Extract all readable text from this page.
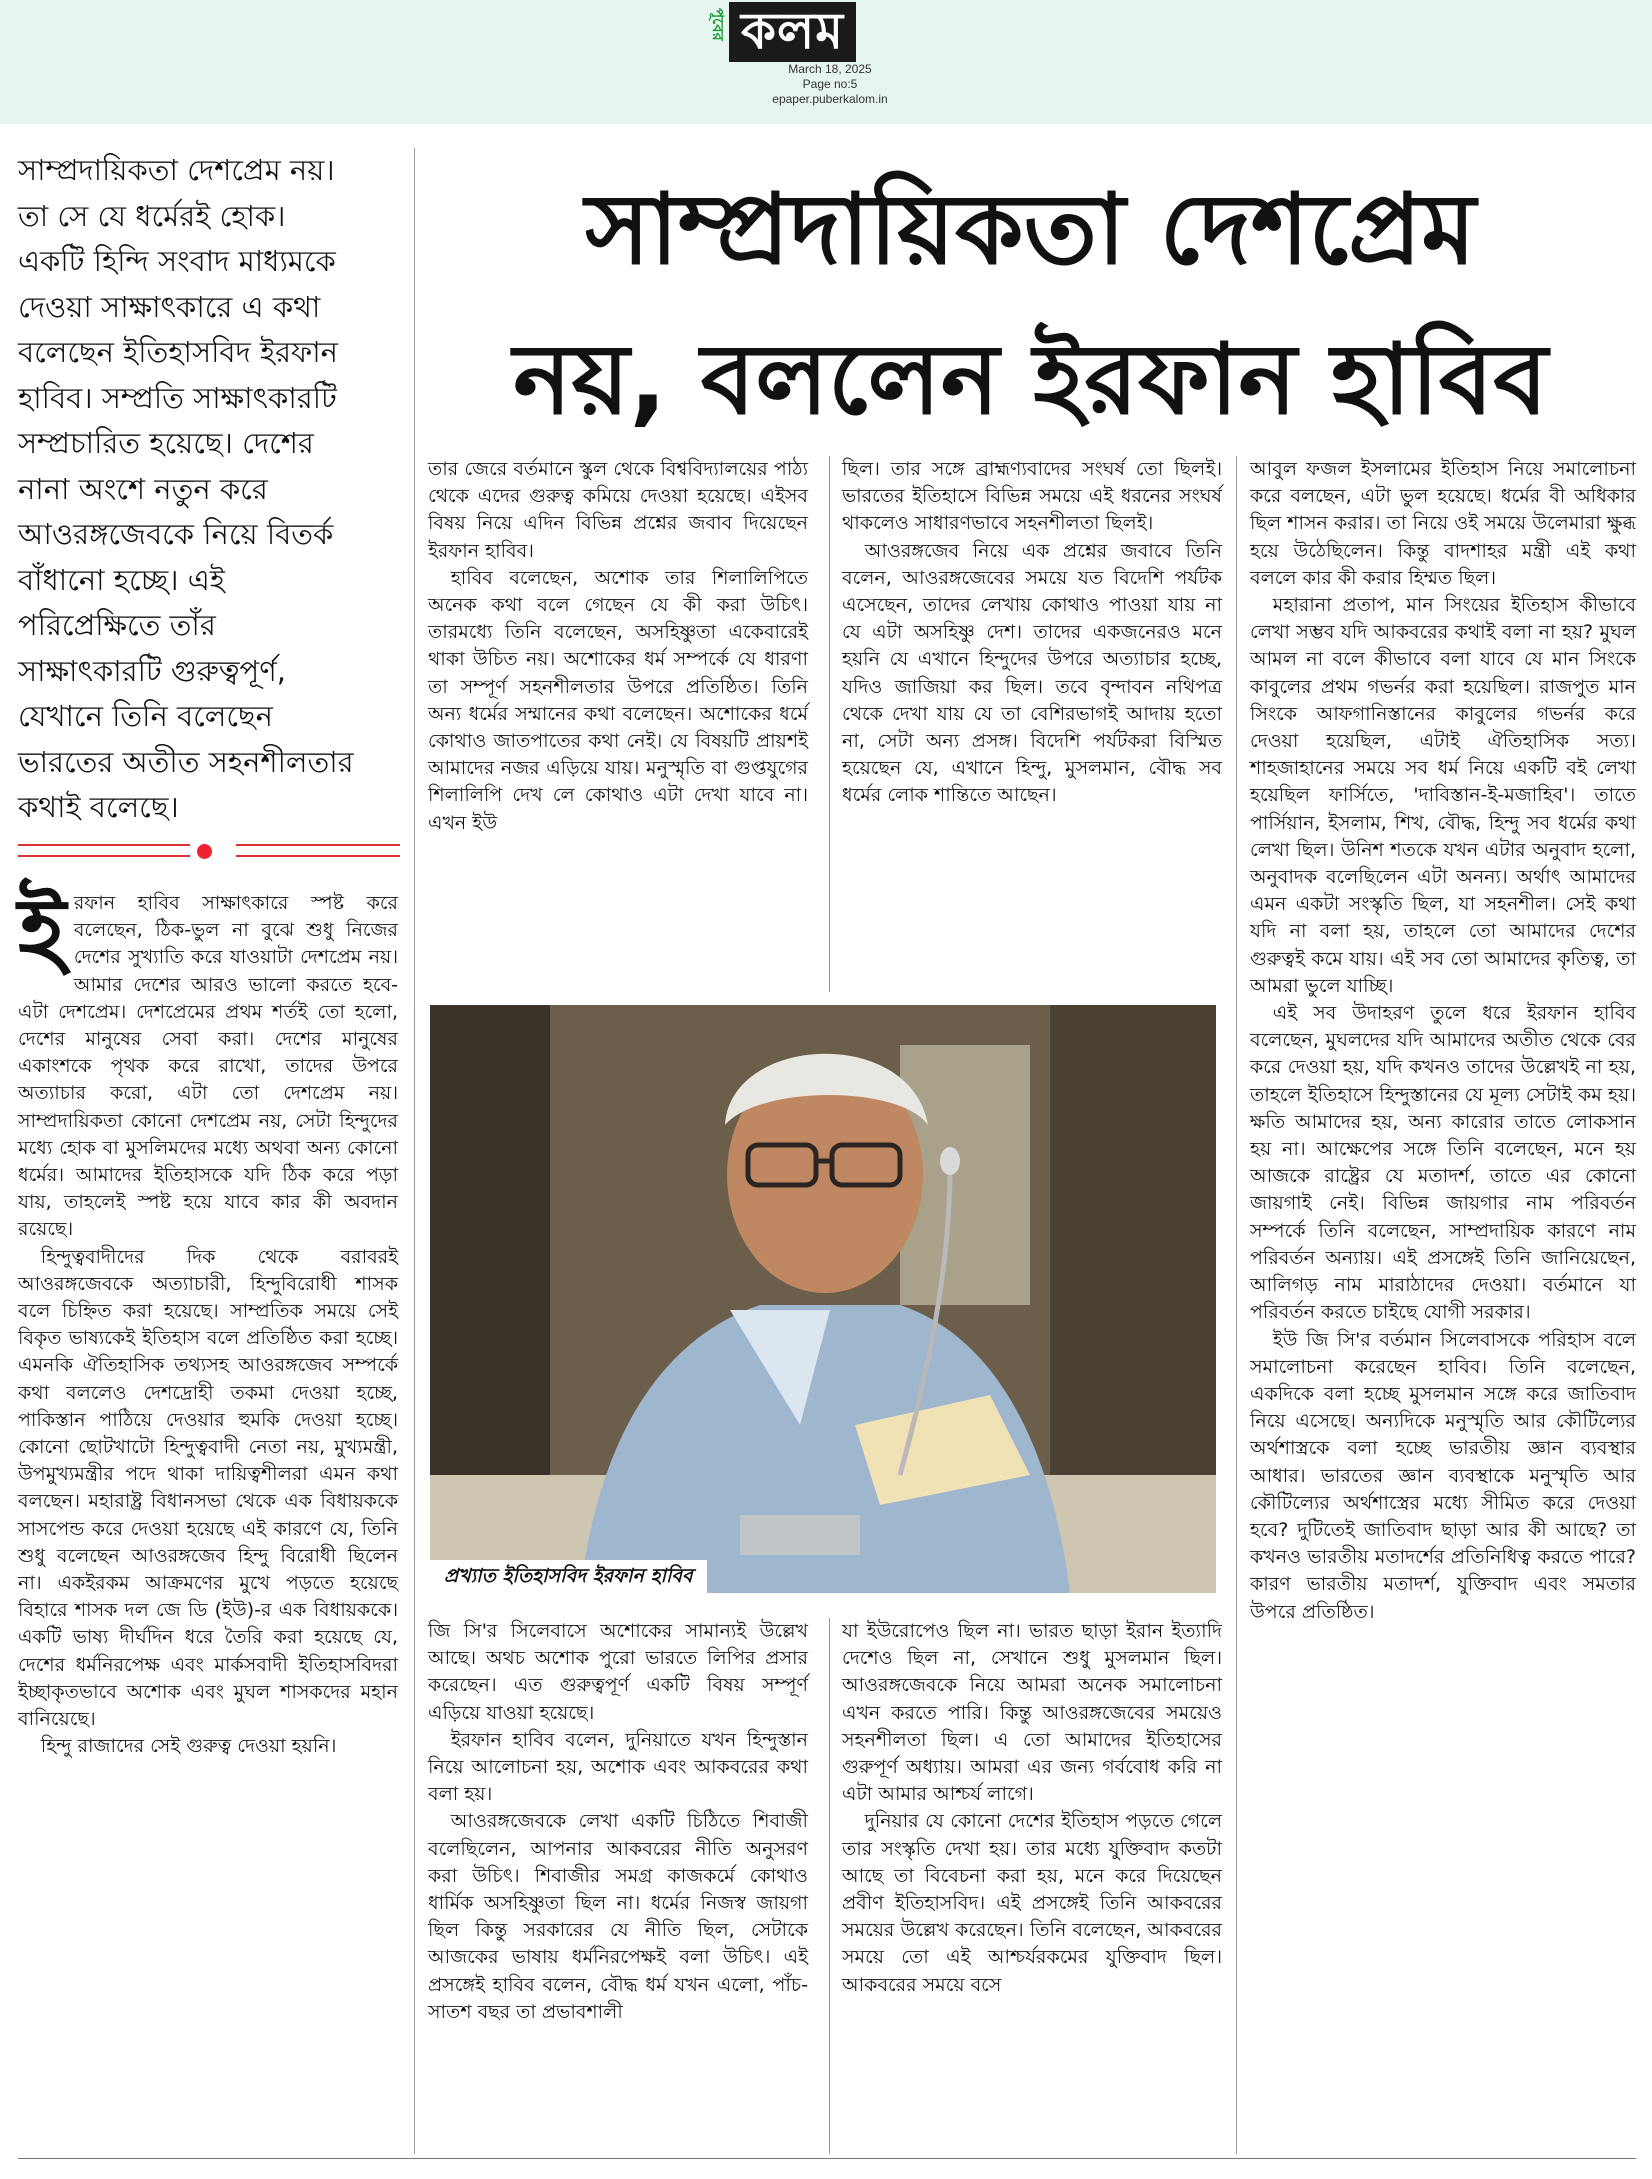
পূবের কলম
March 18, 2025
Page no:5
epaper.puberkalom.in
সাম্প্রদায়িকতা দেশপ্রেম নয়।
তা সে যে ধর্মেরই হোক।
একটি হিন্দি সংবাদ মাধ্যমকে
দেওয়া সাক্ষাৎকারে এ কথা
বলেছেন ইতিহাসবিদ ইরফান
হাবিব। সম্প্রতি সাক্ষাৎকারটি
সম্প্রচারিত হয়েছে। দেশের
নানা অংশে নতুন করে
আওরঙ্গজেবকে নিয়ে বিতর্ক
বাঁধানো হচ্ছে। এই
পরিপ্রেক্ষিতে তাঁর
সাক্ষাৎকারটি গুরুত্বপূর্ণ,
যেখানে তিনি বলেছেন
ভারতের অতীত সহনশীলতার
কথাই বলেছে।
সাম্প্রদায়িকতা দেশপ্রেম
নয়, বললেন ইরফান হাবিব

ইরফান হাবিব সাক্ষাৎকারে স্পষ্ট করে বলেছেন, ঠিক-ভুল না বুঝে শুধু নিজের দেশের সুখ্যাতি করে যাওয়াটা দেশপ্রেম নয়। আমার দেশের আরও ভালো করতে হবে- এটা দেশপ্রেম। দেশপ্রেমের প্রথম শর্তই তো হলো, দেশের মানুষের সেবা করা। দেশের মানুষের একাংশকে পৃথক করে রাখো, তাদের উপরে অত্যাচার করো, এটা তো দেশপ্রেম নয়। সাম্প্রদায়িকতা কোনো দেশপ্রেম নয়, সেটা হিন্দুদের মধ্যে হোক বা মুসলিমদের মধ্যে অথবা অন্য কোনো ধর্মের। আমাদের ইতিহাসকে যদি ঠিক করে পড়া যায়, তাহলেই স্পষ্ট হয়ে যাবে কার কী অবদান রয়েছে।

হিন্দুত্ববাদীদের দিক থেকে বরাবরই আওরঙ্গজেবকে অত্যাচারী, হিন্দুবিরোধী শাসক বলে চিহ্নিত করা হয়েছে। সাম্প্রতিক সময়ে সেই বিকৃত ভাষ্যকেই ইতিহাস বলে প্রতিষ্ঠিত করা হচ্ছে। এমনকি ঐতিহাসিক তথ্যসহ আওরঙ্গজেব সম্পর্কে কথা বললেও দেশদ্রোহী তকমা দেওয়া হচ্ছে, পাকিস্তান পাঠিয়ে দেওয়ার হুমকি দেওয়া হচ্ছে। কোনো ছোটখাটো হিন্দুত্ববাদী নেতা নয়, মুখ্যমন্ত্রী, উপমুখ্যমন্ত্রীর পদে থাকা দায়িত্বশীলরা এমন কথা বলছেন। মহারাষ্ট্র বিধানসভা থেকে এক বিধায়ককে সাসপেন্ড করে দেওয়া হয়েছে এই কারণে যে, তিনি শুধু বলেছেন আওরঙ্গজেব হিন্দু বিরোধী ছিলেন না। একইরকম আক্রমণের মুখে পড়তে হয়েছে বিহারে শাসক দল জে ডি (ইউ)-র এক বিধায়ককে। একটি ভাষ্য দীর্ঘদিন ধরে তৈরি করা হয়েছে যে, দেশের ধর্মনিরপেক্ষ এবং মার্কসবাদী ইতিহাসবিদরা ইচ্ছাকৃতভাবে অশোক এবং মুঘল শাসকদের মহান বানিয়েছে।

হিন্দু রাজাদের সেই গুরুত্ব দেওয়া হয়নি।

তার জেরে বর্তমানে স্কুল থেকে বিশ্ববিদ্যালয়ের পাঠ্য থেকে এদের গুরুত্ব কমিয়ে দেওয়া হয়েছে। এইসব বিষয় নিয়ে এদিন বিভিন্ন প্রশ্নের জবাব দিয়েছেন ইরফান হাবিব।

হাবিব বলেছেন, অশোক তার শিলালিপিতে অনেক কথা বলে গেছেন যে কী করা উচিৎ। তারমধ্যে তিনি বলেছেন, অসহিষ্ণুতা একেবারেই থাকা উচিত নয়। অশোকের ধর্ম সম্পর্কে যে ধারণা তা সম্পূর্ণ সহনশীলতার উপরে প্রতিষ্ঠিত। তিনি অন্য ধর্মের সম্মানের কথা বলেছেন। অশোকের ধর্মে কোথাও জাতপাতের কথা নেই। যে বিষয়টি প্রায়শই আমাদের নজর এড়িয়ে যায়। মনুস্মৃতি বা গুপ্তযুগের শিলালিপি দেখ লে কোথাও এটা দেখা যাবে না। এখন ইউ

ছিল। তার সঙ্গে ব্রাহ্মণ্যবাদের সংঘর্ষ তো ছিলই। ভারতের ইতিহাসে বিভিন্ন সময়ে এই ধরনের সংঘর্ষ থাকলেও সাধারণভাবে সহনশীলতা ছিলই।

আওরঙ্গজেব নিয়ে এক প্রশ্নের জবাবে তিনি বলেন, আওরঙ্গজেবের সময়ে যত বিদেশি পর্যটক এসেছেন, তাদের লেখায় কোথাও পাওয়া যায় না যে এটা অসহিষ্ণু দেশ। তাদের একজনেরও মনে হয়নি যে এখানে হিন্দুদের উপরে অত্যাচার হচ্ছে, যদিও জাজিয়া কর ছিল। তবে বৃন্দাবন নথিপত্র থেকে দেখা যায় যে তা বেশিরভাগই আদায় হতো না, সেটা অন্য প্রসঙ্গ। বিদেশি পর্যটকরা বিস্মিত হয়েছেন যে, এখানে হিন্দু, মুসলমান, বৌদ্ধ সব ধর্মের লোক শান্তিতে আছেন।

আবুল ফজল ইসলামের ইতিহাস নিয়ে সমালোচনা করে বলছেন, এটা ভুল হয়েছে। ধর্মের বী অধিকার ছিল শাসন করার। তা নিয়ে ওই সময়ে উলেমারা ক্ষুব্ধ হয়ে উঠেছিলেন। কিন্তু বাদশাহর মন্ত্রী এই কথা বললে কার কী করার হিম্মত ছিল।

মহারানা প্রতাপ, মান সিংয়ের ইতিহাস কীভাবে লেখা সম্ভব যদি আকবরের কথাই বলা না হয়? মুঘল আমল না বলে কীভাবে বলা যাবে যে মান সিংকে কাবুলের প্রথম গভর্নর করা হয়েছিল। রাজপুত মান সিংকে আফগানিস্তানের কাবুলের গভর্নর করে দেওয়া হয়েছিল, এটাই ঐতিহাসিক সত্য। শাহজাহানের সময়ে সব ধর্ম নিয়ে একটি বই লেখা হয়েছিল ফার্সিতে, 'দাবিস্তান-ই-মজাহিব'। তাতে পার্সিয়ান, ইসলাম, শিখ, বৌদ্ধ, হিন্দু সব ধর্মের কথা লেখা ছিল। উনিশ শতকে যখন এটার অনুবাদ হলো, অনুবাদক বলেছিলেন এটা অনন্য। অর্থাৎ আমাদের এমন একটা সংস্কৃতি ছিল, যা সহনশীল। সেই কথা যদি না বলা হয়, তাহলে তো আমাদের দেশের গুরুত্বই কমে যায়। এই সব তো আমাদের কৃতিত্ব, তা আমরা ভুলে যাচ্ছি।

এই সব উদাহরণ তুলে ধরে ইরফান হাবিব বলেছেন, মুঘলদের যদি আমাদের অতীত থেকে বের করে দেওয়া হয়, যদি কখনও তাদের উল্লেখই না হয়, তাহলে ইতিহাসে হিন্দুস্তানের যে মূল্য সেটাই কম হয়। ক্ষতি আমাদের হয়, অন্য কারোর তাতে লোকসান হয় না। আক্ষেপের সঙ্গে তিনি বলেছেন, মনে হয় আজকে রাষ্ট্রের যে মতাদর্শ, তাতে এর কোনো জায়গাই নেই। বিভিন্ন জায়গার নাম পরিবর্তন সম্পর্কে তিনি বলেছেন, সাম্প্রদায়িক কারণে নাম পরিবর্তন অন্যায়। এই প্রসঙ্গেই তিনি জানিয়েছেন, আলিগড় নাম মারাঠাদের দেওয়া। বর্তমানে যা পরিবর্তন করতে চাইছে যোগী সরকার।

ইউ জি সি'র বর্তমান সিলেবাসকে পরিহাস বলে সমালোচনা করেছেন হাবিব। তিনি বলেছেন, একদিকে বলা হচ্ছে মুসলমান সঙ্গে করে জাতিবাদ নিয়ে এসেছে। অন্যদিকে মনুস্মৃতি আর কৌটিল্যের অর্থশাস্ত্রকে বলা হচ্ছে ভারতীয় জ্ঞান ব্যবস্থার আধার। ভারতের জ্ঞান ব্যবস্থাকে মনুস্মৃতি আর কৌটিল্যের অর্থশাস্ত্রের মধ্যে সীমিত করে দেওয়া হবে? দুটিতেই জাতিবাদ ছাড়া আর কী আছে? তা কখনও ভারতীয় মতাদর্শের প্রতিনিধিত্ব করতে পারে? কারণ ভারতীয় মতাদর্শ, যুক্তিবাদ এবং সমতার উপরে প্রতিষ্ঠিত।

প্রখ্যাত ইতিহাসবিদ ইরফান হাবিব

জি সি'র সিলেবাসে অশোকের সামান্যই উল্লেখ আছে। অথচ অশোক পুরো ভারতে লিপির প্রসার করেছেন। এত গুরুত্বপূর্ণ একটি বিষয় সম্পূর্ণ এড়িয়ে যাওয়া হয়েছে।

ইরফান হাবিব বলেন, দুনিয়াতে যখন হিন্দুস্তান নিয়ে আলোচনা হয়, অশোক এবং আকবরের কথা বলা হয়।

আওরঙ্গজেবকে লেখা একটি চিঠিতে শিবাজী বলেছিলেন, আপনার আকবরের নীতি অনুসরণ করা উচিৎ। শিবাজীর সমগ্র কাজকর্মে কোথাও ধার্মিক অসহিষ্ণুতা ছিল না। ধর্মের নিজস্ব জায়গা ছিল কিন্তু সরকারের যে নীতি ছিল, সেটাকে আজকের ভাষায় ধর্মনিরপেক্ষই বলা উচিৎ। এই প্রসঙ্গেই হাবিব বলেন, বৌদ্ধ ধর্ম যখন এলো, পাঁচ-সাতশ বছর তা প্রভাবশালী

যা ইউরোপেও ছিল না। ভারত ছাড়া ইরান ইত্যাদি দেশেও ছিল না, সেখানে শুধু মুসলমান ছিল। আওরঙ্গজেবকে নিয়ে আমরা অনেক সমালোচনা এখন করতে পারি। কিন্তু আওরঙ্গজেবের সময়েও সহনশীলতা ছিল। এ তো আমাদের ইতিহাসের গুরুপূর্ণ অধ্যায়। আমরা এর জন্য গর্ববোধ করি না এটা আমার আশ্চর্য লাগে।

দুনিয়ার যে কোনো দেশের ইতিহাস পড়তে গেলে তার সংস্কৃতি দেখা হয়। তার মধ্যে যুক্তিবাদ কতটা আছে তা বিবেচনা করা হয়, মনে করে দিয়েছেন প্রবীণ ইতিহাসবিদ। এই প্রসঙ্গেই তিনি আকবরের সময়ের উল্লেখ করেছেন। তিনি বলেছেন, আকবরের সময়ে তো এই আশ্চর্যরকমের যুক্তিবাদ ছিল। আকবরের সময়ে বসে
